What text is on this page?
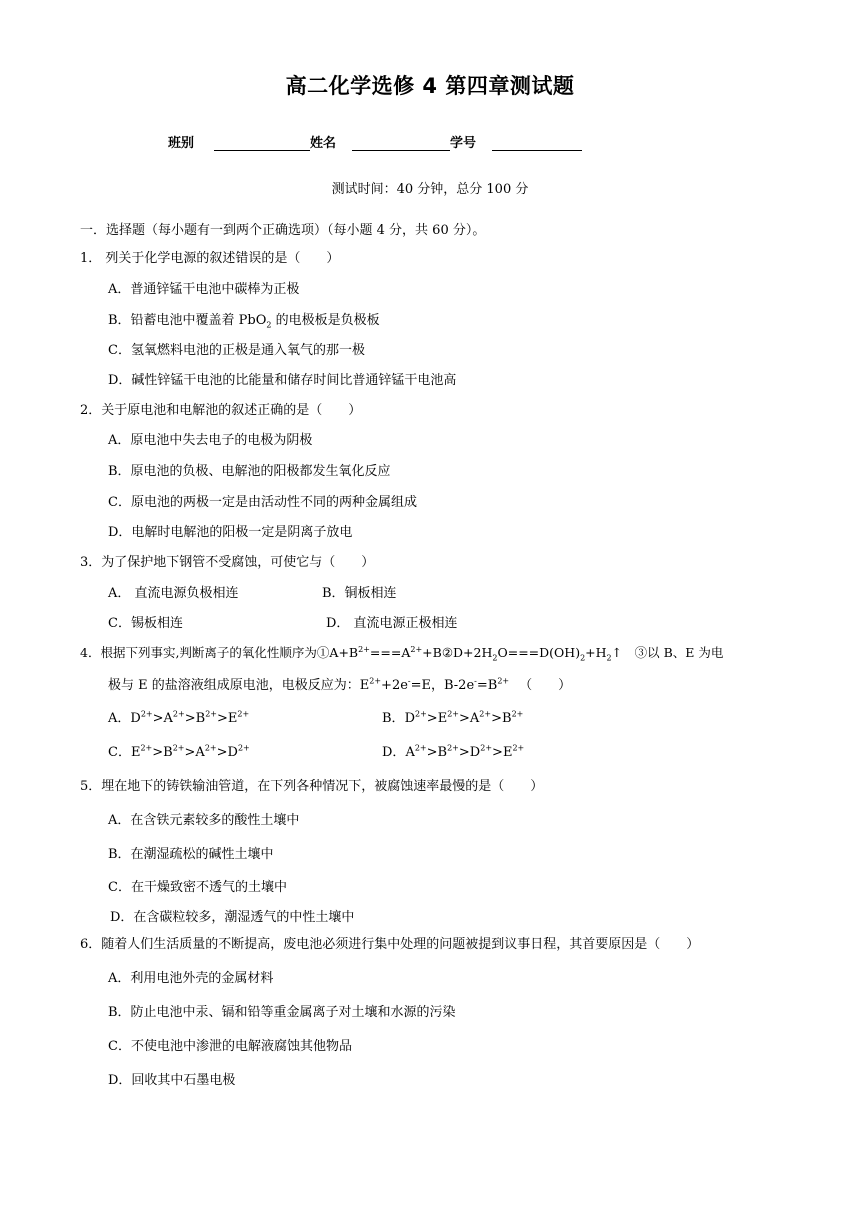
高二化学选修 4 第四章测试题
班别	姓名	学号
测试时间：40 分钟，总分 100 分
一．选择题（每小题有一到两个正确选项）（每小题 4 分，共 60 分）。
1． 列关于化学电源的叙述错误的是（　　）
A．普通锌锰干电池中碳棒为正极
B．铅蓄电池中覆盖着 PbO$_2$ 的电极板是负极板
C．氢氧燃料电池的正极是通入氧气的那一极
D．碱性锌锰干电池的比能量和储存时间比普通锌锰干电池高
2．关于原电池和电解池的叙述正确的是（　　）
A．原电池中失去电子的电极为阴极
B．原电池的负极、电解池的阳极都发生氧化反应
C．原电池的两极一定是由活动性不同的两种金属组成
D．电解时电解池的阳极一定是阴离子放电
3．为了保护地下钢管不受腐蚀，可使它与（　　）
A． 直流电源负极相连	B．铜板相连
C．锡板相连	D． 直流电源正极相连
4．根据下列事实,判断离子的氧化性顺序为$①A+B^{2+}===A^{2+}+B②D+2H_2O===D(OH)_2+H_2↑$　③以 B、E 为电
极与 E 的盐溶液组成原电池，电极反应为：$E^{2+}+2e^-=E$，$B-2e^-=B^{2+}$ （　　）
A．$D^{2+}>A^{2+}>B^{2+}>E^{2+}$	B．$D^{2+}>E^{2+}>A^{2+}>B^{2+}$
C．$E^{2+}>B^{2+}>A^{2+}>D^{2+}$	D．$A^{2+}>B^{2+}>D^{2+}>E^{2+}$
5．埋在地下的铸铁输油管道，在下列各种情况下，被腐蚀速率最慢的是（　　）
A．在含铁元素较多的酸性土壤中
B．在潮湿疏松的碱性土壤中
C．在干燥致密不透气的土壤中
D．在含碳粒较多，潮湿透气的中性土壤中
6．随着人们生活质量的不断提高，废电池必须进行集中处理的问题被提到议事日程，其首要原因是（　　）
A．利用电池外壳的金属材料
B．防止电池中汞、镉和铅等重金属离子对土壤和水源的污染
C．不使电池中渗泄的电解液腐蚀其他物品
D．回收其中石墨电极
